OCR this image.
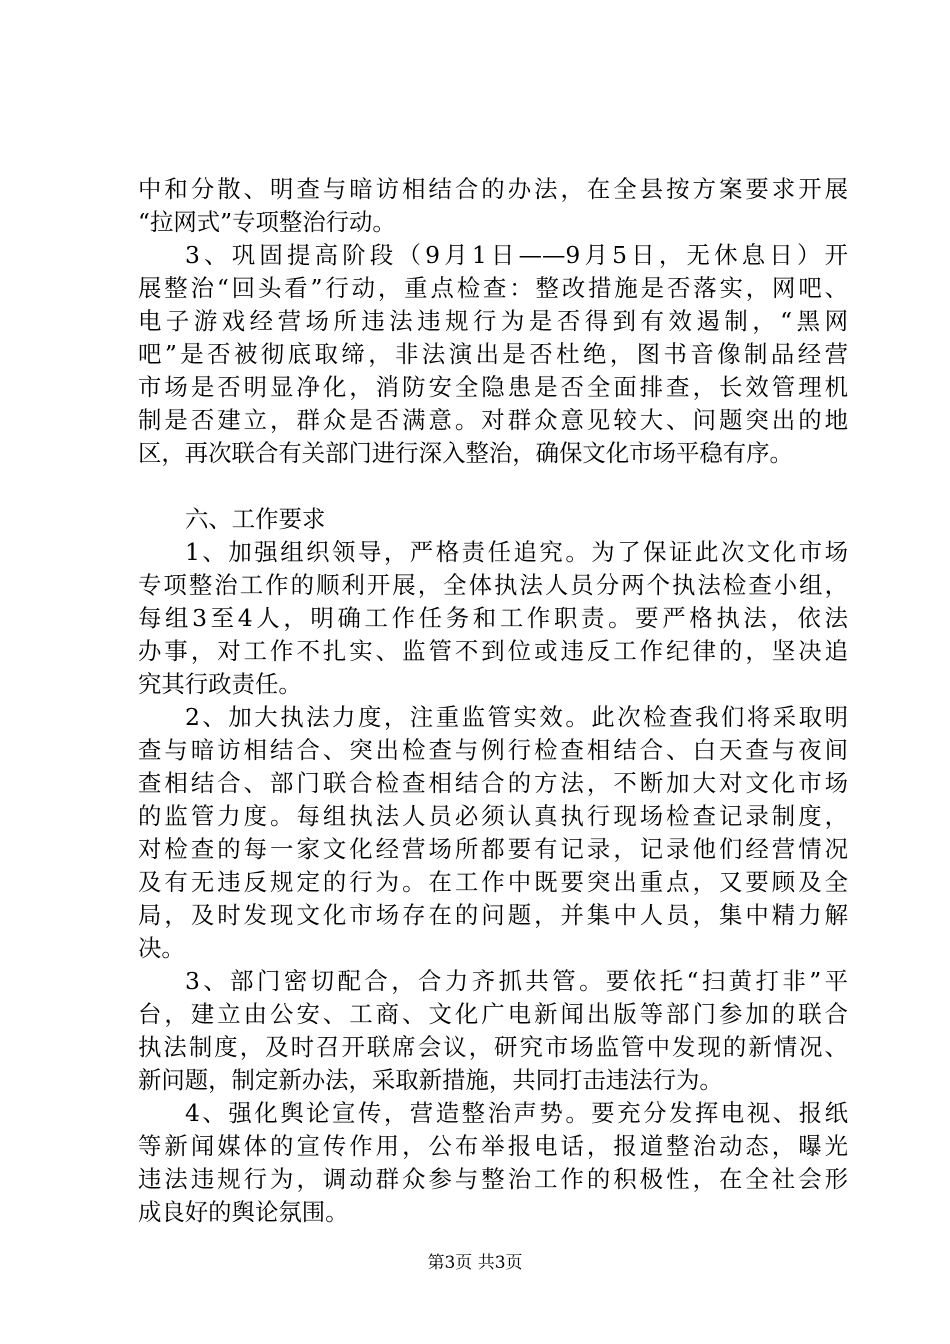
中和分散、明查与暗访相结合的办法，在全县按方案要求开展
“拉网式”专项整治行动。
3、巩固提高阶段（9月1日——9月5日，无休息日）开
展整治“回头看”行动，重点检查：整改措施是否落实，网吧、
电子游戏经营场所违法违规行为是否得到有效遏制，“黑网
吧”是否被彻底取缔，非法演出是否杜绝，图书音像制品经营
市场是否明显净化，消防安全隐患是否全面排查，长效管理机
制是否建立，群众是否满意。对群众意见较大、问题突出的地
区，再次联合有关部门进行深入整治，确保文化市场平稳有序。
六、工作要求
1、加强组织领导，严格责任追究。为了保证此次文化市场
专项整治工作的顺利开展，全体执法人员分两个执法检查小组，
每组3至4人，明确工作任务和工作职责。要严格执法，依法
办事，对工作不扎实、监管不到位或违反工作纪律的，坚决追
究其行政责任。
2、加大执法力度，注重监管实效。此次检查我们将采取明
查与暗访相结合、突出检查与例行检查相结合、白天查与夜间
查相结合、部门联合检查相结合的方法，不断加大对文化市场
的监管力度。每组执法人员必须认真执行现场检查记录制度，
对检查的每一家文化经营场所都要有记录，记录他们经营情况
及有无违反规定的行为。在工作中既要突出重点，又要顾及全
局，及时发现文化市场存在的问题，并集中人员，集中精力解
决。
3、部门密切配合，合力齐抓共管。要依托“扫黄打非”平
台，建立由公安、工商、文化广电新闻出版等部门参加的联合
执法制度，及时召开联席会议，研究市场监管中发现的新情况、
新问题，制定新办法，采取新措施，共同打击违法行为。
4、强化舆论宣传，营造整治声势。要充分发挥电视、报纸
等新闻媒体的宣传作用，公布举报电话，报道整治动态，曝光
违法违规行为，调动群众参与整治工作的积极性，在全社会形
成良好的舆论氛围。
第3页 共3页
